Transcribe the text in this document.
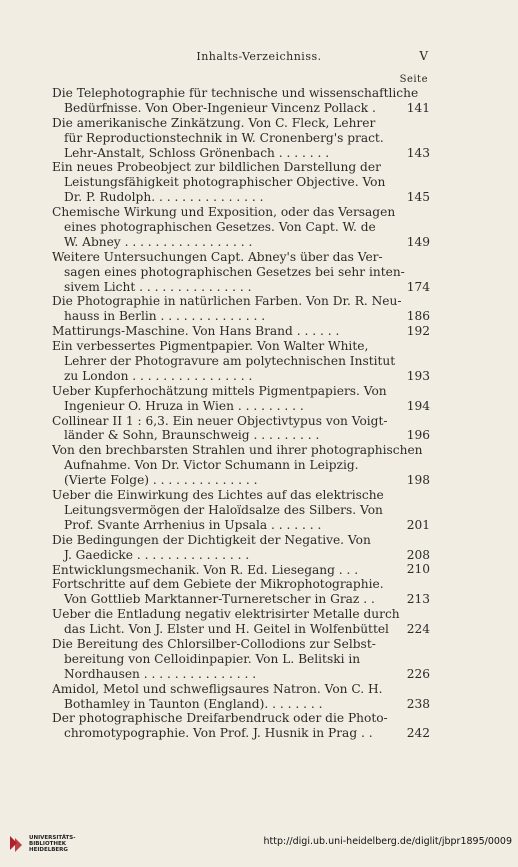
Inhalts-Verzeichniss.	V
Seite
Die Telephotographie für technische und wissenschaftliche
Bedürfnisse. Von Ober-Ingenieur Vincenz Pollack .	141
Die amerikanische Zinkätzung. Von C. Fleck, Lehrer
für Reproductionstechnik in W. Cronenberg's pract.
Lehr-Anstalt, Schloss Grönenbach . . . . . . .	143
Ein neues Probeobject zur bildlichen Darstellung der
Leistungsfähigkeit photographischer Objective. Von
Dr. P. Rudolph. . . . . . . . . . . . . . .	145
Chemische Wirkung und Exposition, oder das Versagen
eines photographischen Gesetzes. Von Capt. W. de
W. Abney . . . . . . . . . . . . . . . . .	149
Weitere Untersuchungen Capt. Abney's über das Ver-
sagen eines photographischen Gesetzes bei sehr inten-
sivem Licht . . . . . . . . . . . . . . .	174
Die Photographie in natürlichen Farben. Von Dr. R. Neu-
hauss in Berlin . . . . . . . . . . . . . .	186
Mattirungs-Maschine. Von Hans Brand . . . . . .	192
Ein verbessertes Pigmentpapier. Von Walter White,
Lehrer der Photogravure am polytechnischen Institut
zu London . . . . . . . . . . . . . . . .	193
Ueber Kupferhochätzung mittels Pigmentpapiers. Von
Ingenieur O. Hruza in Wien . . . . . . . . .	194
Collinear II 1 : 6,3. Ein neuer Objectivtypus von Voigt-
länder & Sohn, Braunschweig . . . . . . . . .	196
Von den brechbarsten Strahlen und ihrer photographischen
Aufnahme. Von Dr. Victor Schumann in Leipzig.
(Vierte Folge) . . . . . . . . . . . . . .	198
Ueber die Einwirkung des Lichtes auf das elektrische
Leitungsvermögen der Haloïdsalze des Silbers. Von
Prof. Svante Arrhenius in Upsala . . . . . . .	201
Die Bedingungen der Dichtigkeit der Negative. Von
J. Gaedicke . . . . . . . . . . . . . . .	208
Entwicklungsmechanik. Von R. Ed. Liesegang . . .	210
Fortschritte auf dem Gebiete der Mikrophotographie.
Von Gottlieb Marktanner-Turneretscher in Graz . .	213
Ueber die Entladung negativ elektrisirter Metalle durch
das Licht. Von J. Elster und H. Geitel in Wolfenbüttel	224
Die Bereitung des Chlorsilber-Collodions zur Selbst-
bereitung von Celloidinpapier. Von L. Belitski in
Nordhausen . . . . . . . . . . . . . . .	226
Amidol, Metol und schwefligsaures Natron. Von C. H.
Bothamley in Taunton (England). . . . . . . .	238
Der photographische Dreifarbendruck oder die Photo-
chromotypographie. Von Prof. J. Husnik in Prag . .	242
UNIVERSITÄTS-
BIBLIOTHEK
HEIDELBERG
http://digi.ub.uni-heidelberg.de/diglit/jbpr1895/0009
